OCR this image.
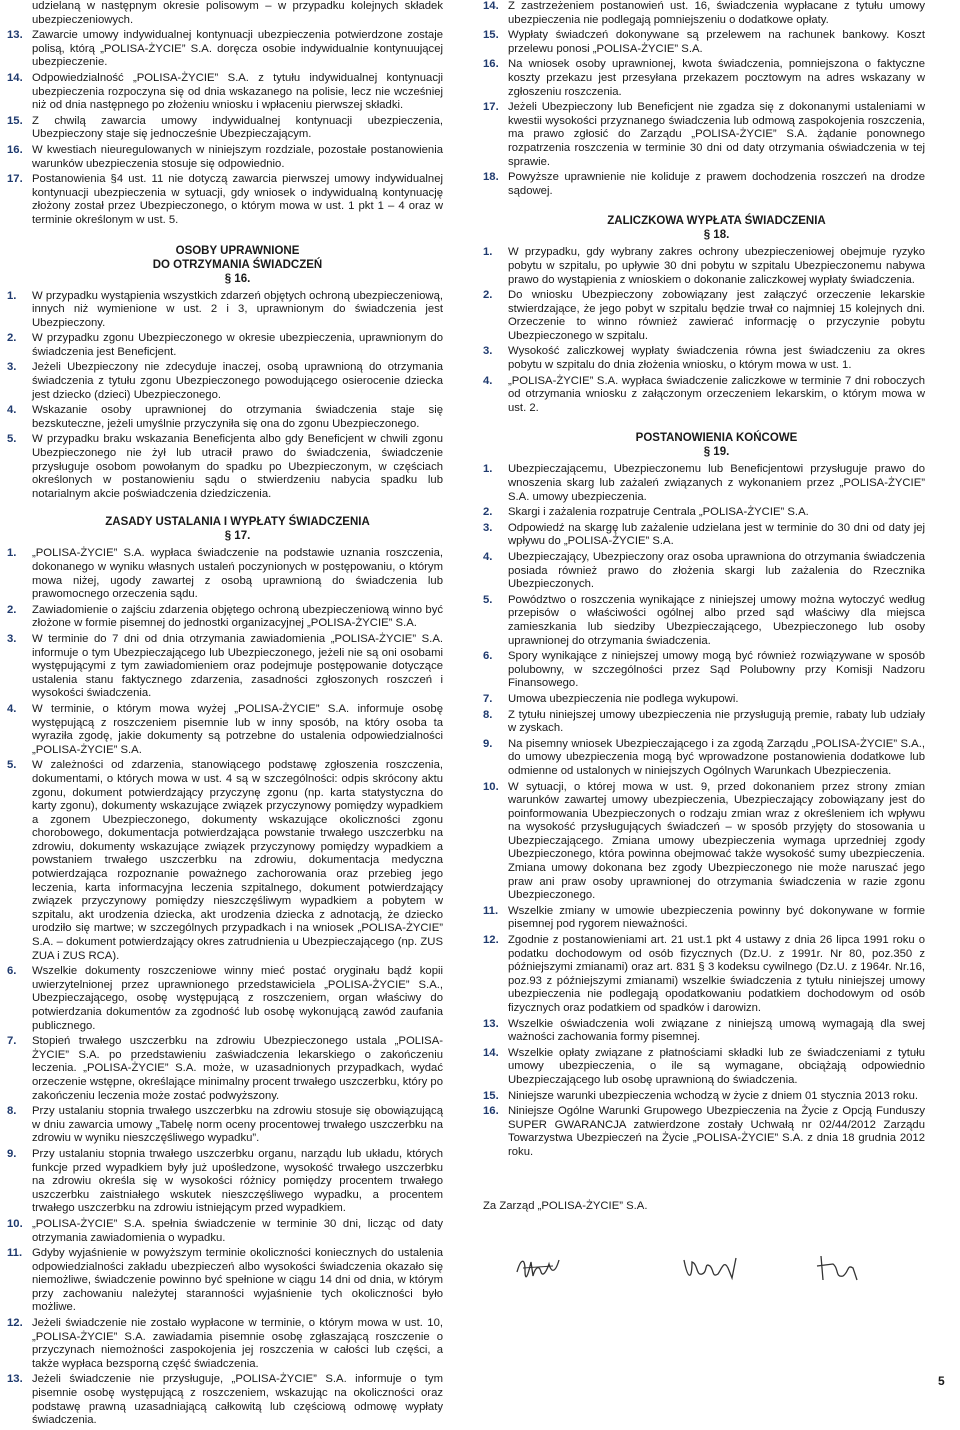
udzielaną w następnym okresie polisowym – w przypadku kolejnych składek ubezpieczeniowych.
13. Zawarcie umowy indywidualnej kontynuacji ubezpieczenia potwierdzone zostaje polisą, którą „POLISA-ŻYCIE” S.A. doręcza osobie indywidualnie kontynuującej ubezpieczenie.
14. Odpowiedzialność „POLISA-ŻYCIE” S.A. z tytułu indywidualnej kontynuacji ubezpieczenia rozpoczyna się od dnia wskazanego na polisie, lecz nie wcześniej niż od dnia następnego po złożeniu wniosku i wpłaceniu pierwszej składki.
15. Z chwilą zawarcia umowy indywidualnej kontynuacji ubezpieczenia, Ubezpieczony staje się jednocześnie Ubezpieczającym.
16. W kwestiach nieuregulowanych w niniejszym rozdziale, pozostałe postanowienia warunków ubezpieczenia stosuje się odpowiednio.
17. Postanowienia §4 ust. 11 nie dotyczą zawarcia pierwszej umowy indywidualnej kontynuacji ubezpieczenia w sytuacji, gdy wniosek o indywidualną kontynuację złożony został przez Ubezpieczonego, o którym mowa w ust. 1 pkt 1 – 4 oraz w terminie określonym w ust. 5.
OSOBY UPRAWNIONE
DO OTRZYMANIA ŚWIADCZEŃ
§ 16.
1.	W przypadku wystąpienia wszystkich zdarzeń objętych ochroną ubezpieczeniową, innych niż wymienione w ust. 2 i 3, uprawnionym do świadczenia jest Ubezpieczony.
2.	W przypadku zgonu Ubezpieczonego w okresie ubezpieczenia, uprawnionym do świadczenia jest Beneficjent.
3.	Jeżeli Ubezpieczony nie zdecyduje inaczej, osobą uprawnioną do otrzymania świadczenia z tytułu zgonu Ubezpieczonego powodującego osierocenie dziecka jest dziecko (dzieci) Ubezpieczonego.
4.	Wskazanie osoby uprawnionej do otrzymania świadczenia staje się bezskuteczne, jeżeli umyślnie przyczyniła się ona do zgonu Ubezpieczonego.
5.	W przypadku braku wskazania Beneficjenta albo gdy Beneficjent w chwili zgonu Ubezpieczonego nie żył lub utracił prawo do świadczenia, świadczenie przysługuje osobom powołanym do spadku po Ubezpieczonym, w częściach określonych w postanowieniu sądu o stwierdzeniu nabycia spadku lub notarialnym akcie poświadczenia dziedziczenia.
ZASADY USTALANIA I WYPŁATY ŚWIADCZENIA
§ 17.
1.	„POLISA-ŻYCIE” S.A. wypłaca świadczenie na podstawie uznania roszczenia, dokonanego w wyniku własnych ustaleń poczynionych w postępowaniu, o którym mowa niżej, ugody zawartej z osobą uprawnioną do świadczenia lub prawomocnego orzeczenia sądu.
2.	Zawiadomienie o zajściu zdarzenia objętego ochroną ubezpieczeniową winno być złożone w formie pisemnej do jednostki organizacyjnej „POLISA-ŻYCIE” S.A.
3.	W terminie do 7 dni od dnia otrzymania zawiadomienia „POLISA-ŻYCIE” S.A. informuje o tym Ubezpieczającego lub Ubezpieczonego, jeżeli nie są oni osobami występującymi z tym zawiadomieniem oraz podejmuje postępowanie dotyczące ustalenia stanu faktycznego zdarzenia, zasadności zgłoszonych roszczeń i wysokości świadczenia.
4.	W terminie, o którym mowa wyżej „POLISA-ŻYCIE” S.A. informuje osobę występującą z roszczeniem pisemnie lub w inny sposób, na który osoba ta wyraziła zgodę, jakie dokumenty są potrzebne do ustalenia odpowiedzialności „POLISA-ŻYCIE” S.A.
5.	W zależności od zdarzenia, stanowiącego podstawę zgłoszenia roszczenia, dokumentami, o których mowa w ust. 4 są w szczególności: odpis skrócony aktu zgonu, dokument potwierdzający przyczynę zgonu (np. karta statystyczna do karty zgonu), dokumenty wskazujące związek przyczynowy pomiędzy wypadkiem a zgonem Ubezpieczonego, dokumenty wskazujące okoliczności zgonu chorobowego, dokumentacja potwierdzająca powstanie trwałego uszczerbku na zdrowiu, dokumenty wskazujące związek przyczynowy pomiędzy wypadkiem a powstaniem trwałego uszczerbku na zdrowiu, dokumentacja medyczna potwierdzająca rozpoznanie poważnego zachorowania oraz przebieg jego leczenia, karta informacyjna leczenia szpitalnego, dokument potwierdzający związek przyczynowy pomiędzy nieszczęśliwym wypadkiem a pobytem w szpitalu, akt urodzenia dziecka, akt urodzenia dziecka z adnotacją, że dziecko urodziło się martwe; w szczególnych przypadkach i na wniosek „POLISA-ŻYCIE” S.A. – dokument potwierdzający okres zatrudnienia u Ubezpieczającego (np. ZUS ZUA i ZUS RCA).
6.	Wszelkie dokumenty roszczeniowe winny mieć postać oryginału bądź kopii uwierzytelnionej przez uprawnionego przedstawiciela „POLISA-ŻYCIE” S.A., Ubezpieczającego, osobę występującą z roszczeniem, organ właściwy do potwierdzania dokumentów za zgodność lub osobę wykonującą zawód zaufania publicznego.
7.	Stopień trwałego uszczerbku na zdrowiu Ubezpieczonego ustala „POLISA-ŻYCIE” S.A. po przedstawieniu zaświadczenia lekarskiego o zakończeniu leczenia. „POLISA-ŻYCIE” S.A. może, w uzasadnionych przypadkach, wydać orzeczenie wstępne, określające minimalny procent trwałego uszczerbku, który po zakończeniu leczenia może zostać podwyższony.
8.	Przy ustalaniu stopnia trwałego uszczerbku na zdrowiu stosuje się obowiązującą w dniu zawarcia umowy „Tabelę norm oceny procentowej trwałego uszczerbku na zdrowiu w wyniku nieszczęśliwego wypadku”.
9.	Przy ustalaniu stopnia trwałego uszczerbku organu, narządu lub układu, których funkcje przed wypadkiem były już upośledzone, wysokość trwałego uszczerbku na zdrowiu określa się w wysokości różnicy pomiędzy procentem trwałego uszczerbku zaistniałego wskutek nieszczęśliwego wypadku, a procentem trwałego uszczerbku na zdrowiu istniejącym przed wypadkiem.
10. „POLISA-ŻYCIE” S.A. spełnia świadczenie w terminie 30 dni, licząc od daty otrzymania zawiadomienia o wypadku.
11. Gdyby wyjaśnienie w powyższym terminie okoliczności koniecznych do ustalenia odpowiedzialności zakładu ubezpieczeń albo wysokości świadczenia okazało się niemożliwe, świadczenie powinno być spełnione w ciągu 14 dni od dnia, w którym przy zachowaniu należytej staranności wyjaśnienie tych okoliczności było możliwe.
12. Jeżeli świadczenie nie zostało wypłacone w terminie, o którym mowa w ust. 10, „POLISA-ŻYCIE” S.A. zawiadamia pisemnie osobę zgłaszającą roszczenie o przyczynach niemożności zaspokojenia jej roszczenia w całości lub części, a także wypłaca bezsporną część świadczenia.
13. Jeżeli świadczenie nie przysługuje, „POLISA-ŻYCIE” S.A. informuje o tym pisemnie osobę występującą z roszczeniem, wskazując na okoliczności oraz podstawę prawną uzasadniającą całkowitą lub częściową odmowę wypłaty świadczenia.
14. Z zastrzeżeniem postanowień ust. 16, świadczenia wypłacane z tytułu umowy ubezpieczenia nie podlegają pomniejszeniu o dodatkowe opłaty.
15. Wypłaty świadczeń dokonywane są przelewem na rachunek bankowy. Koszt przelewu ponosi „POLISA-ŻYCIE” S.A.
16. Na wniosek osoby uprawnionej, kwota świadczenia, pomniejszona o faktyczne koszty przekazu jest przesyłana przekazem pocztowym na adres wskazany w zgłoszeniu roszczenia.
17. Jeżeli Ubezpieczony lub Beneficjent nie zgadza się z dokonanymi ustaleniami w kwestii wysokości przyznanego świadczenia lub odmową zaspokojenia roszczenia, ma prawo zgłosić do Zarządu „POLISA-ŻYCIE” S.A. żądanie ponownego rozpatrzenia roszczenia w terminie 30 dni od daty otrzymania oświadczenia w tej sprawie.
18. Powyższe uprawnienie nie koliduje z prawem dochodzenia roszczeń na drodze sądowej.
ZALICZKOWA WYPŁATA ŚWIADCZENIA
§ 18.
1.	W przypadku, gdy wybrany zakres ochrony ubezpieczeniowej obejmuje ryzyko pobytu w szpitalu, po upływie 30 dni pobytu w szpitalu Ubezpieczonemu nabywa prawo do wystąpienia z wnioskiem o dokonanie zaliczkowej wypłaty świadczenia.
2.	Do wniosku Ubezpieczony zobowiązany jest załączyć orzeczenie lekarskie stwierdzające, że jego pobyt w szpitalu będzie trwał co najmniej 15 kolejnych dni. Orzeczenie to winno również zawierać informację o przyczynie pobytu Ubezpieczonego w szpitalu.
3.	Wysokość zaliczkowej wypłaty świadczenia równa jest świadczeniu za okres pobytu w szpitalu do dnia złożenia wniosku, o którym mowa w ust. 1.
4.	„POLISA-ŻYCIE” S.A. wypłaca świadczenie zaliczkowe w terminie 7 dni roboczych od otrzymania wniosku z załączonym orzeczeniem lekarskim, o którym mowa w ust. 2.
POSTANOWIENIA KOŃCOWE
§ 19.
1.	Ubezpieczającemu, Ubezpieczonemu lub Beneficjentowi przysługuje prawo do wnoszenia skarg lub zażaleń związanych z wykonaniem przez „POLISA-ŻYCIE” S.A. umowy ubezpieczenia.
2.	Skargi i zażalenia rozpatruje Centrala „POLISA-ŻYCIE” S.A.
3.	Odpowiedź na skargę lub zażalenie udzielana jest w terminie do 30 dni od daty jej wpływu do „POLISA-ŻYCIE” S.A.
4.	Ubezpieczający, Ubezpieczony oraz osoba uprawniona do otrzymania świadczenia posiada również prawo do złożenia skargi lub zażalenia do Rzecznika Ubezpieczonych.
5.	Powództwo o roszczenia wynikające z niniejszej umowy można wytoczyć według przepisów o właściwości ogólnej albo przed sąd właściwy dla miejsca zamieszkania lub siedziby Ubezpieczającego, Ubezpieczonego lub osoby uprawnionej do otrzymania świadczenia.
6.	Spory wynikające z niniejszej umowy mogą być również rozwiązywane w sposób polubowny, w szczególności przez Sąd Polubowny przy Komisji Nadzoru Finansowego.
7.	Umowa ubezpieczenia nie podlega wykupowi.
8.	Z tytułu niniejszej umowy ubezpieczenia nie przysługują premie, rabaty lub udziały w zyskach.
9.	Na pisemny wniosek Ubezpieczającego i za zgodą Zarządu „POLISA-ŻYCIE” S.A., do umowy ubezpieczenia mogą być wprowadzone postanowienia dodatkowe lub odmienne od ustalonych w niniejszych Ogólnych Warunkach Ubezpieczenia.
10. W sytuacji, o której mowa w ust. 9, przed dokonaniem przez strony zmian warunków zawartej umowy ubezpieczenia, Ubezpieczający zobowiązany jest do poinformowania Ubezpieczonych o rodzaju zmian wraz z określeniem ich wpływu na wysokość przysługujących świadczeń – w sposób przyjęty do stosowania u Ubezpieczającego. Zmiana umowy ubezpieczenia wymaga uprzedniej zgody Ubezpieczonego, która powinna obejmować także wysokość sumy ubezpieczenia. Zmiana umowy dokonana bez zgody Ubezpieczonego nie może naruszać jego praw ani praw osoby uprawnionej do otrzymania świadczenia w razie zgonu Ubezpieczonego.
11. Wszelkie zmiany w umowie ubezpieczenia powinny być dokonywane w formie pisemnej pod rygorem nieważności.
12. Zgodnie z postanowieniami art. 21 ust.1 pkt 4 ustawy z dnia 26 lipca 1991 roku o podatku dochodowym od osób fizycznych (Dz.U. z 1991r. Nr 80, poz.350 z późniejszymi zmianami) oraz art. 831 § 3 kodeksu cywilnego (Dz.U. z 1964r. Nr.16, poz.93 z późniejszymi zmianami) wszelkie świadczenia z tytułu niniejszej umowy ubezpieczenia nie podlegają opodatkowaniu podatkiem dochodowym od osób fizycznych oraz podatkiem od spadków i darowizn.
13. Wszelkie oświadczenia woli związane z niniejszą umową wymagają dla swej ważności zachowania formy pisemnej.
14. Wszelkie opłaty związane z płatnościami składki lub ze świadczeniami z tytułu umowy ubezpieczenia, o ile są wymagane, obciążają odpowiednio Ubezpieczającego lub osobę uprawnioną do świadczenia.
15. Niniejsze warunki ubezpieczenia wchodzą w życie z dniem 01 stycznia 2013 roku.
16. Niniejsze Ogólne Warunki Grupowego Ubezpieczenia na Życie z Opcją Funduszy SUPER GWARANCJA zatwierdzone zostały Uchwałą nr 02/44/2012 Zarządu Towarzystwa Ubezpieczeń na Życie „POLISA-ŻYCIE” S.A. z dnia 18 grudnia 2012 roku.
Za Zarząd „POLISA-ŻYCIE” S.A.
5
